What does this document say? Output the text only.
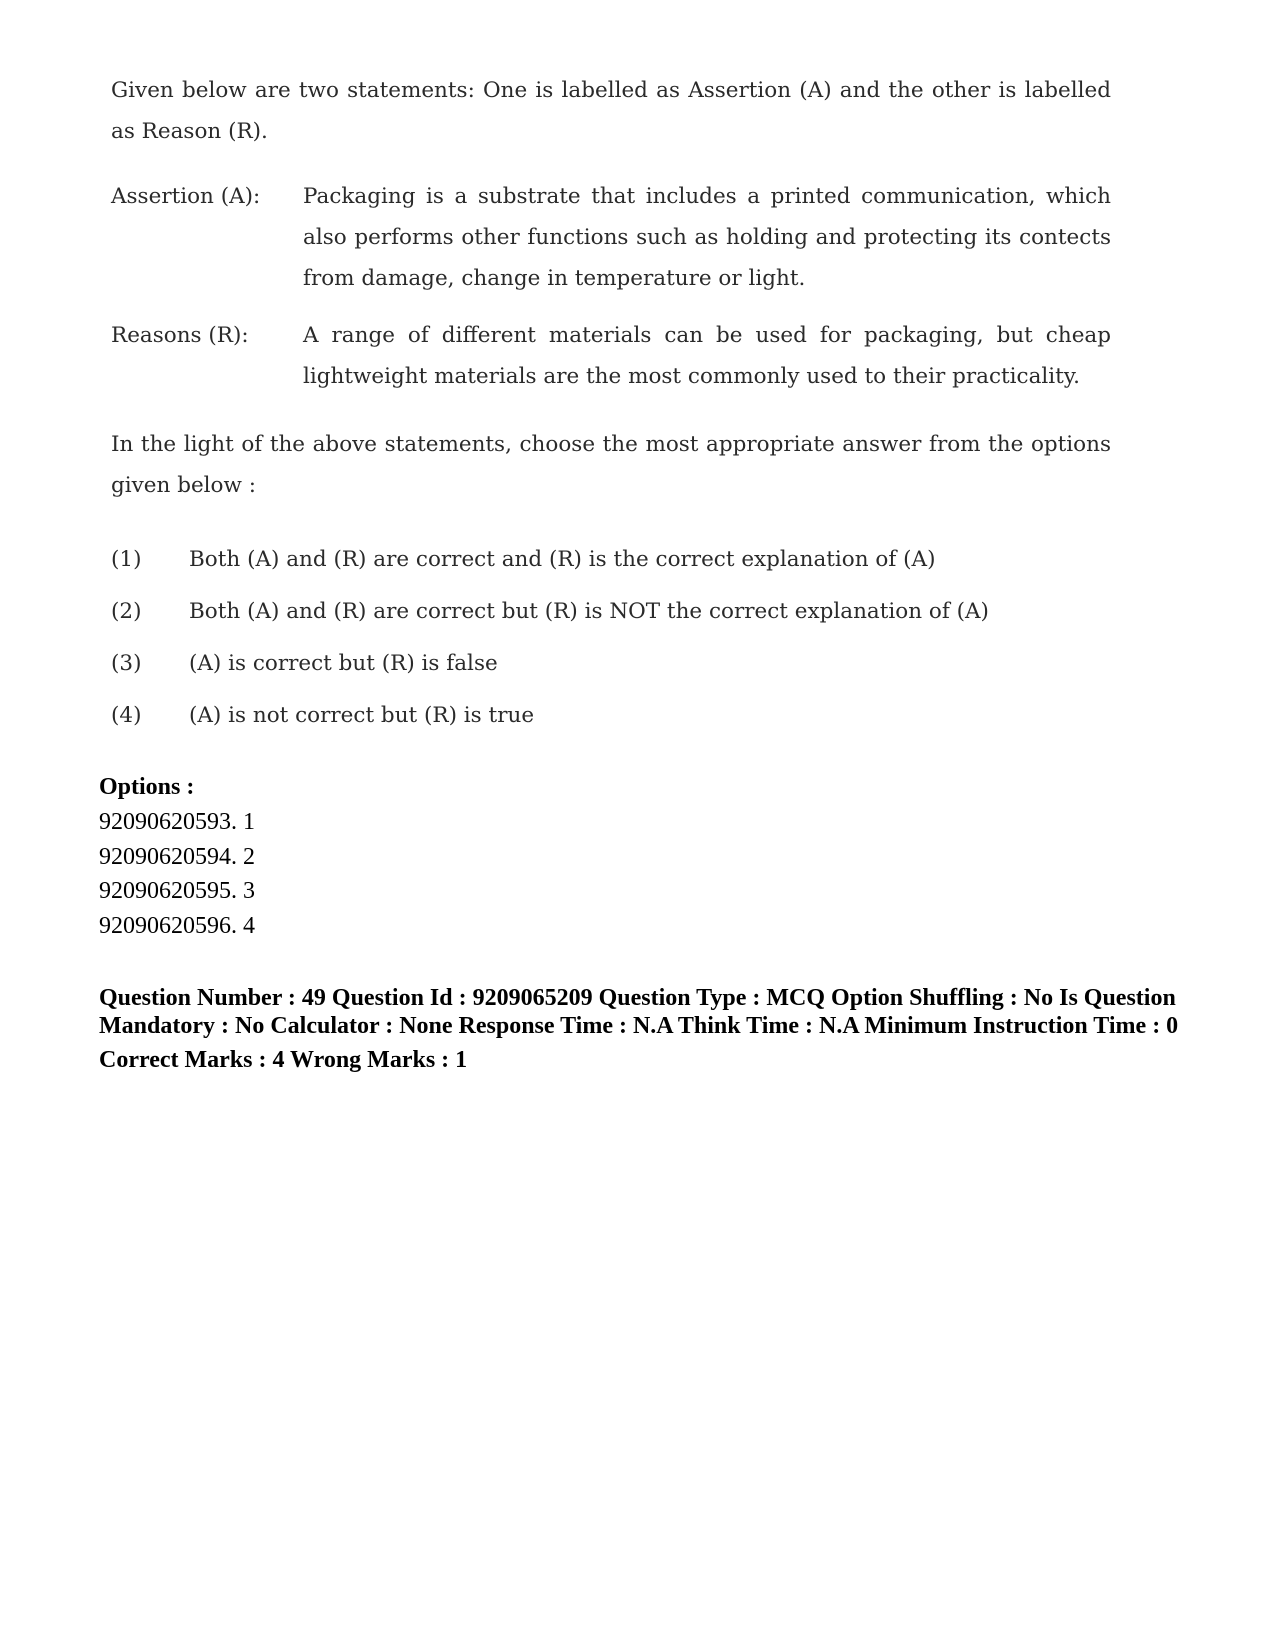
Given below are two statements: One is labelled as Assertion (A) and the other is labelled as Reason (R).

Assertion (A):	Packaging is a substrate that includes a printed communication, which also performs other functions such as holding and protecting its contects from damage, change in temperature or light.
Reasons (R):	A range of different materials can be used for packaging, but cheap lightweight materials are the most commonly used to their practicality.

In the light of the above statements, choose the most appropriate answer from the options given below :

(1)	Both (A) and (R) are correct and (R) is the correct explanation of (A)
(2)	Both (A) and (R) are correct but (R) is NOT the correct explanation of (A)
(3)	(A) is correct but (R) is false
(4)	(A) is not correct but (R) is true
Options :
92090620593. 1
92090620594. 2
92090620595. 3
92090620596. 4
Question Number : 49 Question Id : 9209065209 Question Type : MCQ Option Shuffling : No Is Question Mandatory : No Calculator : None Response Time : N.A Think Time : N.A Minimum Instruction Time : 0
Correct Marks : 4 Wrong Marks : 1
